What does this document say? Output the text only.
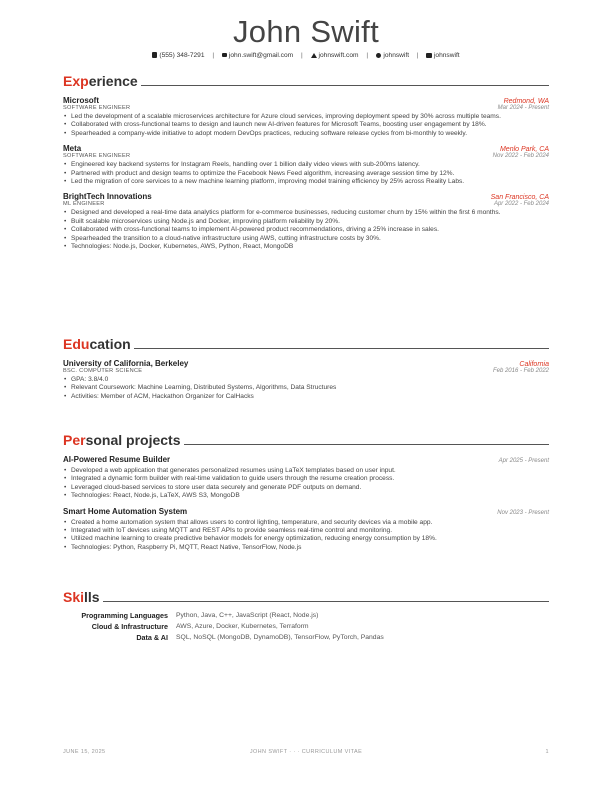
John Swift
(555) 348-7291 | john.swift@gmail.com | johnswift.com | johnswift | johnswift
Experience
Microsoft	Redmond, WA
SOFTWARE ENGINEER	Mar 2024 - Present
• Led the development of a scalable microservices architecture for Azure cloud services, improving deployment speed by 30% across multiple teams.
• Collaborated with cross-functional teams to design and launch new AI-driven features for Microsoft Teams, boosting user engagement by 18%.
• Spearheaded a company-wide initiative to adopt modern DevOps practices, reducing software release cycles from bi-monthly to weekly.
Meta	Menlo Park, CA
SOFTWARE ENGINEER	Nov 2022 - Feb 2024
• Engineered key backend systems for Instagram Reels, handling over 1 billion daily video views with sub-200ms latency.
• Partnered with product and design teams to optimize the Facebook News Feed algorithm, increasing average session time by 12%.
• Led the migration of core services to a new machine learning platform, improving model training efficiency by 25% across Reality Labs.
BrightTech Innovations	San Francisco, CA
ML ENGINEER	Apr 2022 - Feb 2024
• Designed and developed a real-time data analytics platform for e-commerce businesses, reducing customer churn by 15% within the first 6 months.
• Built scalable microservices using Node.js and Docker, improving platform reliability by 20%.
• Collaborated with cross-functional teams to implement AI-powered product recommendations, driving a 25% increase in sales.
• Spearheaded the transition to a cloud-native infrastructure using AWS, cutting infrastructure costs by 30%.
• Technologies: Node.js, Docker, Kubernetes, AWS, Python, React, MongoDB
Education
University of California, Berkeley	California
BSC. COMPUTER SCIENCE	Feb 2016 - Feb 2022
• GPA: 3.8/4.0
• Relevant Coursework: Machine Learning, Distributed Systems, Algorithms, Data Structures
• Activities: Member of ACM, Hackathon Organizer for CalHacks
Personal projects
AI-Powered Resume Builder	Apr 2025 - Present
• Developed a web application that generates personalized resumes using LaTeX templates based on user input.
• Integrated a dynamic form builder with real-time validation to guide users through the resume creation process.
• Leveraged cloud-based services to store user data securely and generate PDF outputs on demand.
• Technologies: React, Node.js, LaTeX, AWS S3, MongoDB
Smart Home Automation System	Nov 2023 - Present
• Created a home automation system that allows users to control lighting, temperature, and security devices via a mobile app.
• Integrated with IoT devices using MQTT and REST APIs to provide seamless real-time control and monitoring.
• Utilized machine learning to create predictive behavior models for energy optimization, reducing energy consumption by 18%.
• Technologies: Python, Raspberry Pi, MQTT, React Native, TensorFlow, Node.js
Skills
Programming Languages Python, Java, C++, JavaScript (React, Node.js)
Cloud & Infrastructure AWS, Azure, Docker, Kubernetes, Terraform
Data & AI SQL, NoSQL (MongoDB, DynamoDB), TensorFlow, PyTorch, Pandas
JUNE 15, 2025	JOHN SWIFT · · · CURRICULUM VITAE	1
